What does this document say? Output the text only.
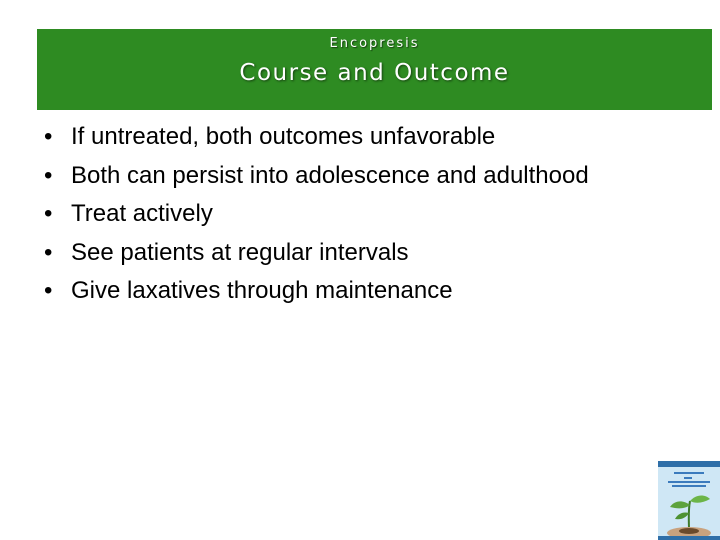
Encopresis
Course and Outcome
• If untreated, both outcomes unfavorable
• Both can persist into adolescence and adulthood
• Treat actively
• See patients at regular intervals
• Give laxatives through maintenance
